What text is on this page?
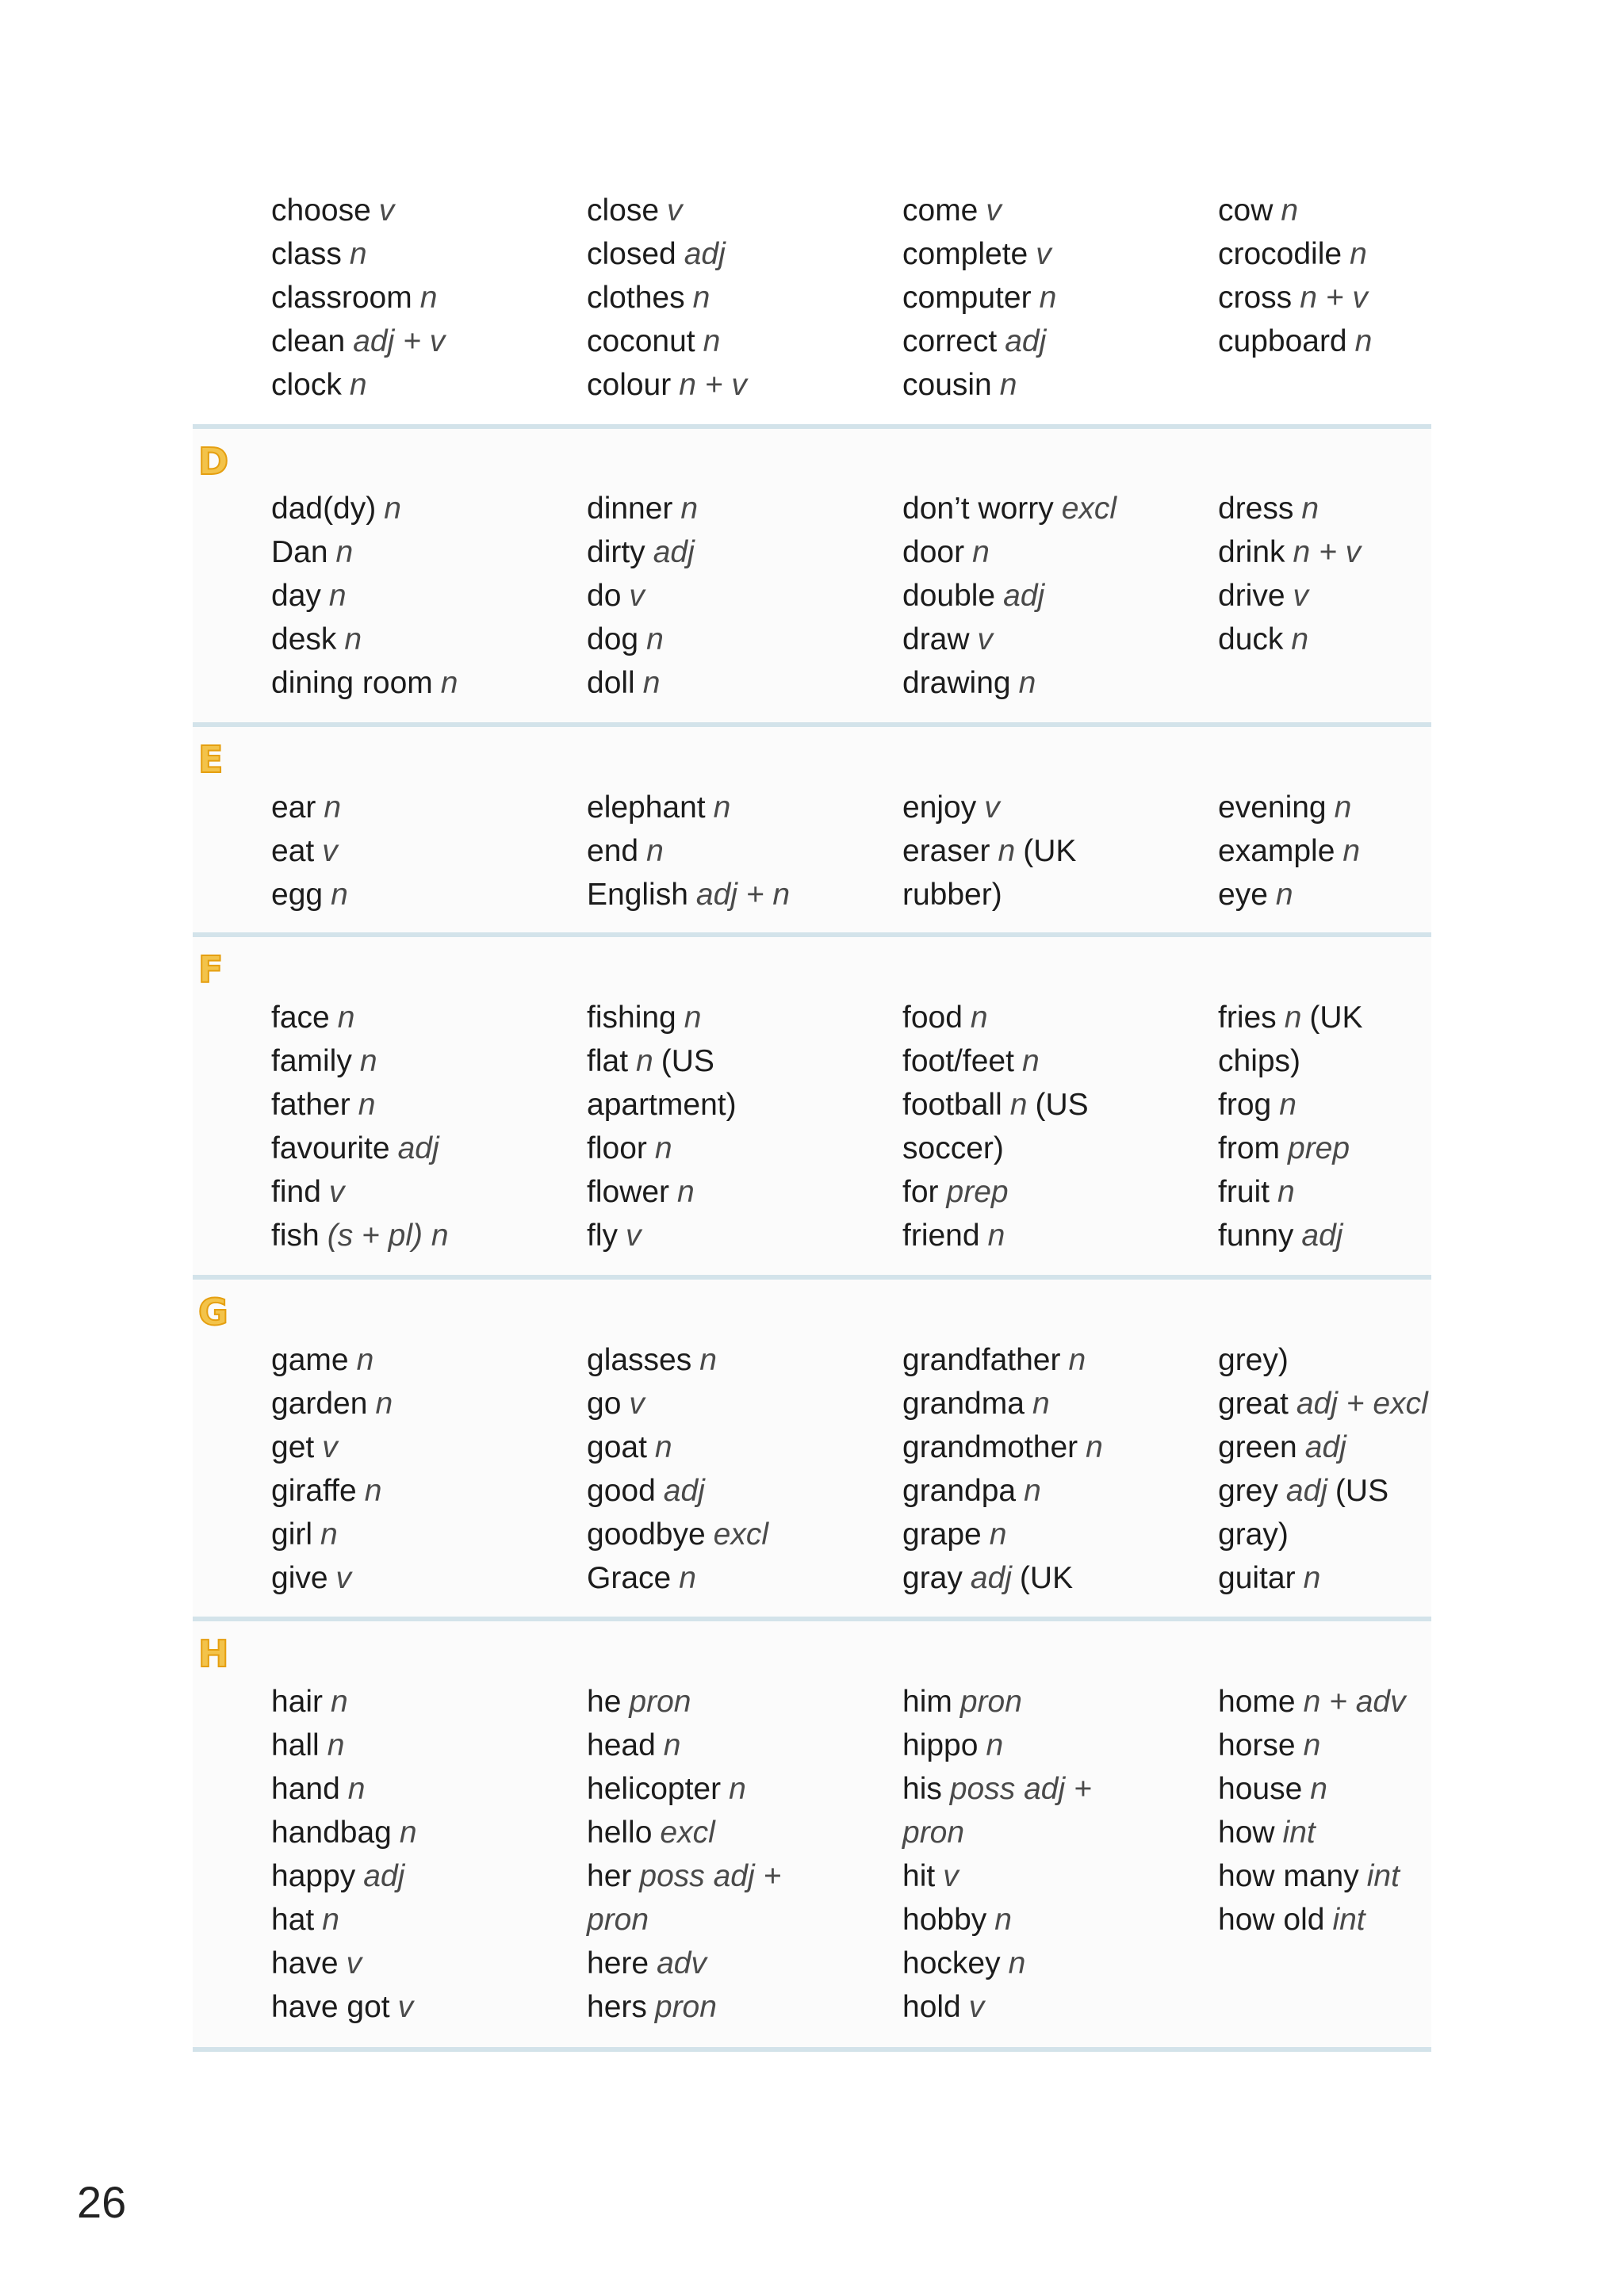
choose v
class n
classroom n
clean adj + v
clock n
close v
closed adj
clothes n
coconut n
colour n + v
come v
complete v
computer n
correct adj
cousin n
cow n
crocodile n
cross n + v
cupboard n
D
dad(dy) n
Dan n
day n
desk n
dining room n
dinner n
dirty adj
do v
dog n
doll n
don’t worry excl
door n
double adj
draw v
drawing n
dress n
drink n + v
drive v
duck n
E
ear n
eat v
egg n
elephant n
end n
English adj + n
enjoy v
eraser n (UK
rubber)
evening n
example n
eye n
F
face n
family n
father n
favourite adj
find v
fish (s + pl) n
fishing n
flat n (US
apartment)
floor n
flower n
fly v
food n
foot/feet n
football n (US
soccer)
for prep
friend n
fries n (UK
chips)
frog n
from prep
fruit n
funny adj
G
game n
garden n
get v
giraffe n
girl n
give v
glasses n
go v
goat n
good adj
goodbye excl
Grace n
grandfather n
grandma n
grandmother n
grandpa n
grape n
gray adj (UK
grey)
great adj + excl
green adj
grey adj (US
gray)
guitar n
H
hair n
hall n
hand n
handbag n
happy adj
hat n
have v
have got v
he pron
head n
helicopter n
hello excl
her poss adj +
pron
here adv
hers pron
him pron
hippo n
his poss adj +
pron
hit v
hobby n
hockey n
hold v
home n + adv
horse n
house n
how int
how many int
how old int
26
